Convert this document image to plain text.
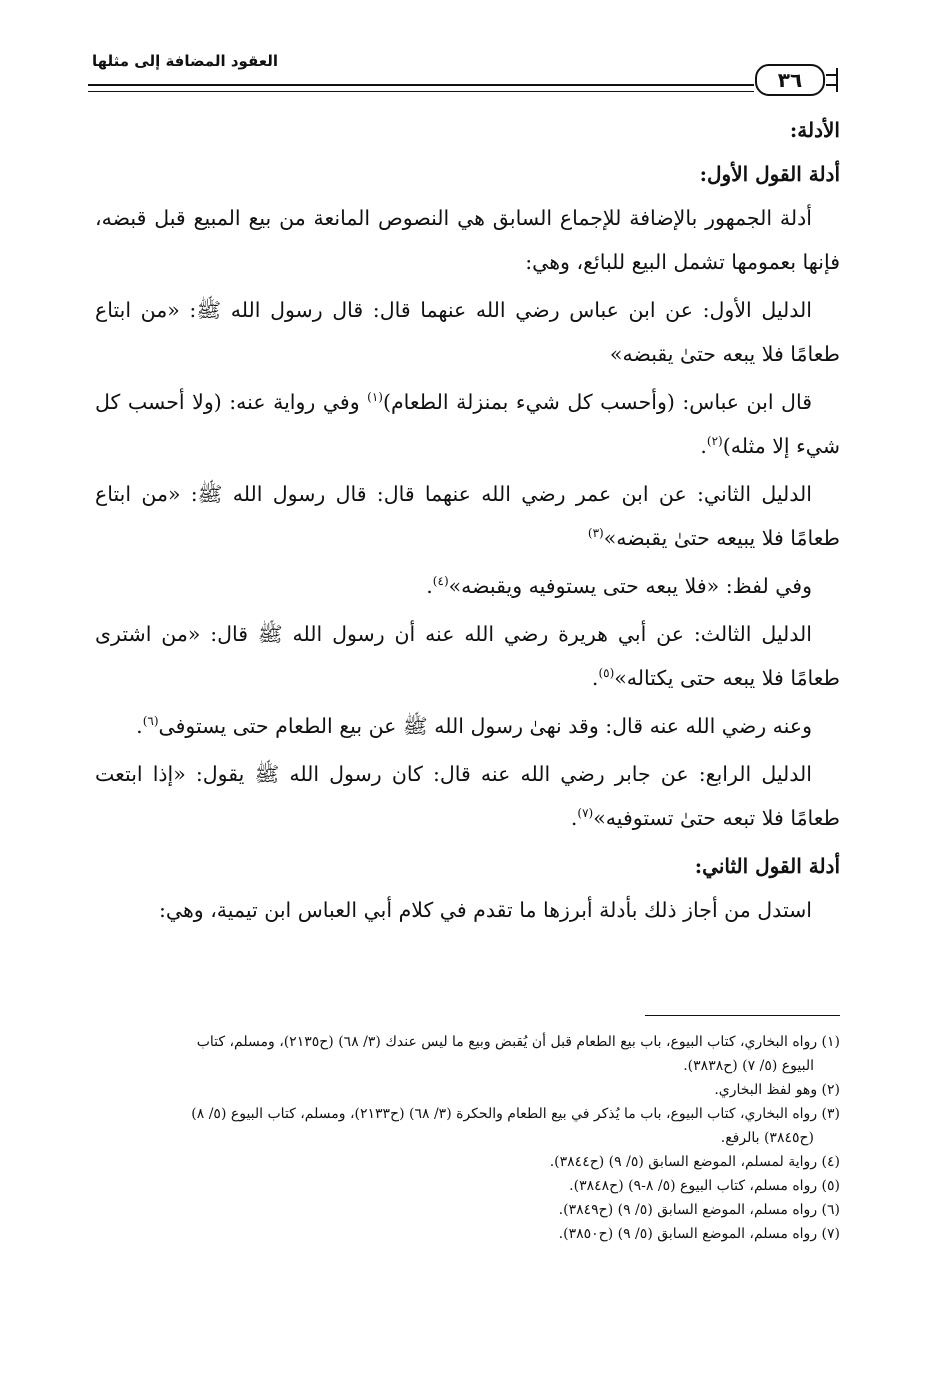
العقود المضافة إلى مثلها
٣٦

الأدلة:

أدلة القول الأول:

أدلة الجمهور بالإضافة للإجماع السابق هي النصوص المانعة من بيع المبيع قبل قبضه، فإنها بعمومها تشمل البيع للبائع، وهي:

الدليل الأول: عن ابن عباس رضي الله عنهما قال: قال رسول الله ﷺ: «من ابتاع طعامًا فلا يبعه حتىٰ يقبضه»

قال ابن عباس: (وأحسب كل شيء بمنزلة الطعام)$^{(١)}$ وفي رواية عنه: (ولا أحسب كل شيء إلا مثله)$^{(٢)}$.

الدليل الثاني: عن ابن عمر رضي الله عنهما قال: قال رسول الله ﷺ: «من ابتاع طعامًا فلا يبيعه حتىٰ يقبضه»$^{(٣)}$

وفي لفظ: «فلا يبعه حتى يستوفيه ويقبضه»$^{(٤)}$.

الدليل الثالث: عن أبي هريرة رضي الله عنه أن رسول الله ﷺ قال: «من اشترى طعامًا فلا يبعه حتى يكتاله»$^{(٥)}$.

وعنه رضي الله عنه قال: وقد نهىٰ رسول الله ﷺ عن بيع الطعام حتى يستوفى$^{(٦)}$.

الدليل الرابع: عن جابر رضي الله عنه قال: كان رسول الله ﷺ يقول: «إذا ابتعت طعامًا فلا تبعه حتىٰ تستوفيه»$^{(٧)}$.

أدلة القول الثاني:

استدل من أجاز ذلك بأدلة أبرزها ما تقدم في كلام أبي العباس ابن تيمية، وهي:

(١) رواه البخاري، كتاب البيوع، باب بيع الطعام قبل أن يُقبض وبيع ما ليس عندك (٣/ ٦٨) (ح٢١٣٥)، ومسلم، كتاب
البيوع (٥/ ٧) (ح٣٨٣٨).

(٢) وهو لفظ البخاري.

(٣) رواه البخاري، كتاب البيوع، باب ما يُذكر في بيع الطعام والحكرة (٣/ ٦٨) (ح٢١٣٣)، ومسلم، كتاب البيوع (٥/ ٨)
(ح٣٨٤٥) بالرفع.

(٤) رواية لمسلم، الموضع السابق (٥/ ٩) (ح٣٨٤٤).

(٥) رواه مسلم، كتاب البيوع (٥/ ٨-٩) (ح٣٨٤٨).

(٦) رواه مسلم، الموضع السابق (٥/ ٩) (ح٣٨٤٩).

(٧) رواه مسلم، الموضع السابق (٥/ ٩) (ح٣٨٥٠).
